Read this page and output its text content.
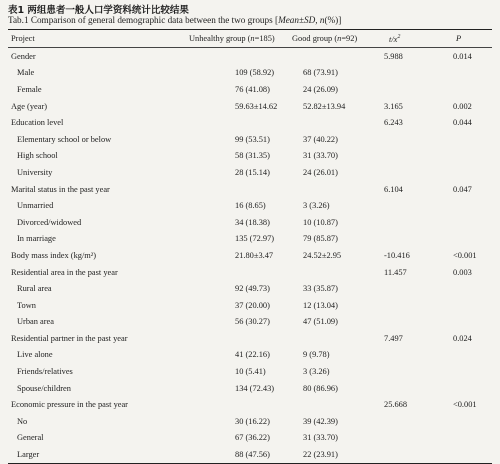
表1 两组患者一般人口学资料统计比较结果
Tab.1 Comparison of general demographic data between the two groups [Mean±SD, n(%)]
Project	Unhealthy group (n=185)	Good group (n=92)	$t/x^2$	P
Gender			5.988	0.014
Male	109 (58.92)	68 (73.91)		
Female	76 (41.08)	24 (26.09)		
Age (year)	59.63±14.62	52.82±13.94	3.165	0.002
Education level			6.243	0.044
Elementary school or below	99 (53.51)	37 (40.22)		
High school	58 (31.35)	31 (33.70)		
University	28 (15.14)	24 (26.01)		
Marital status in the past year			6.104	0.047
Unmarried	16 (8.65)	3 (3.26)		
Divorced/widowed	34 (18.38)	10 (10.87)		
In marriage	135 (72.97)	79 (85.87)		
Body mass index (kg/m²)	21.80±3.47	24.52±2.95	-10.416	<0.001
Residential area in the past year			11.457	0.003
Rural area	92 (49.73)	33 (35.87)		
Town	37 (20.00)	12 (13.04)		
Urban area	56 (30.27)	47 (51.09)		
Residential partner in the past year			7.497	0.024
Live alone	41 (22.16)	9 (9.78)		
Friends/relatives	10 (5.41)	3 (3.26)		
Spouse/children	134 (72.43)	80 (86.96)		
Economic pressure in the past year			25.668	<0.001
No	30 (16.22)	39 (42.39)		
General	67 (36.22)	31 (33.70)		
Larger	88 (47.56)	22 (23.91)		
